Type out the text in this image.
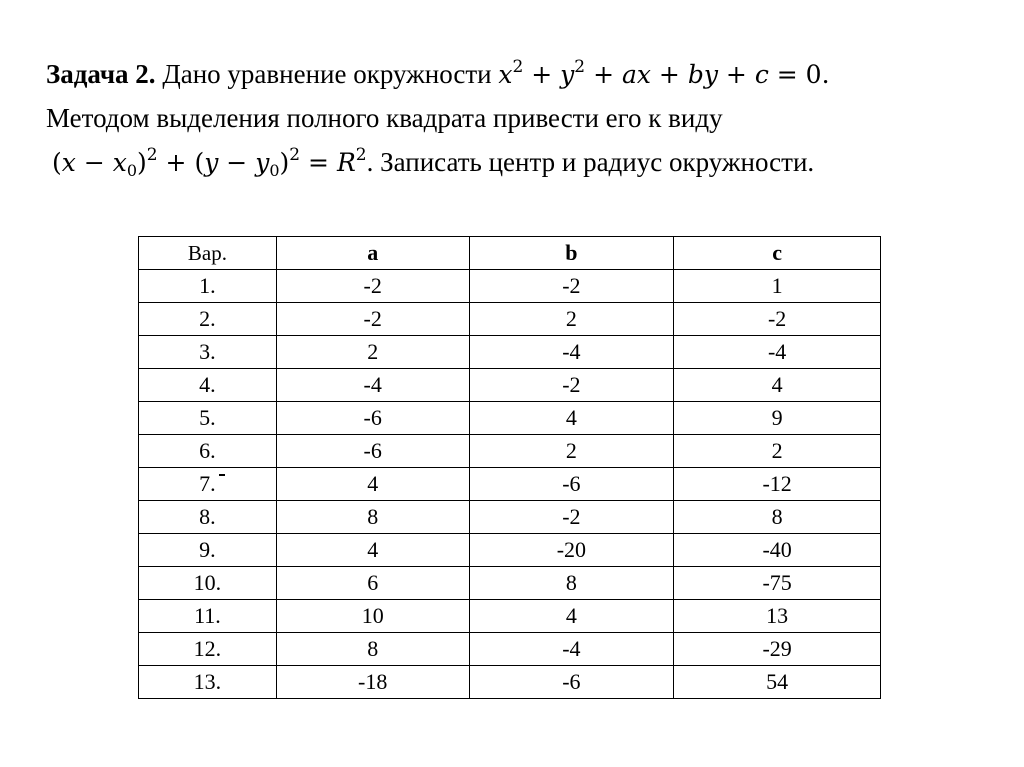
Задача 2. Дано уравнение окружности $x^2 + y^2$ + ax + by + c = 0.
Методом выделения полного квадрата привести его к виду
$(x - x_0)^2 + (y - y_0)^2 = R^2$. Записать центр и радиус окружности.
Вар.	a	b	c
1.	-2	-2	1
2.	-2	2	-2
3.	2	-4	-4
4.	-4	-2	4
5.	-6	4	9
6.	-6	2	2
7.	4	-6	-12
8.	8	-2	8
9.	4	-20	-40
10.	6	8	-75
11.	10	4	13
12.	8	-4	-29
13.	-18	-6	54
